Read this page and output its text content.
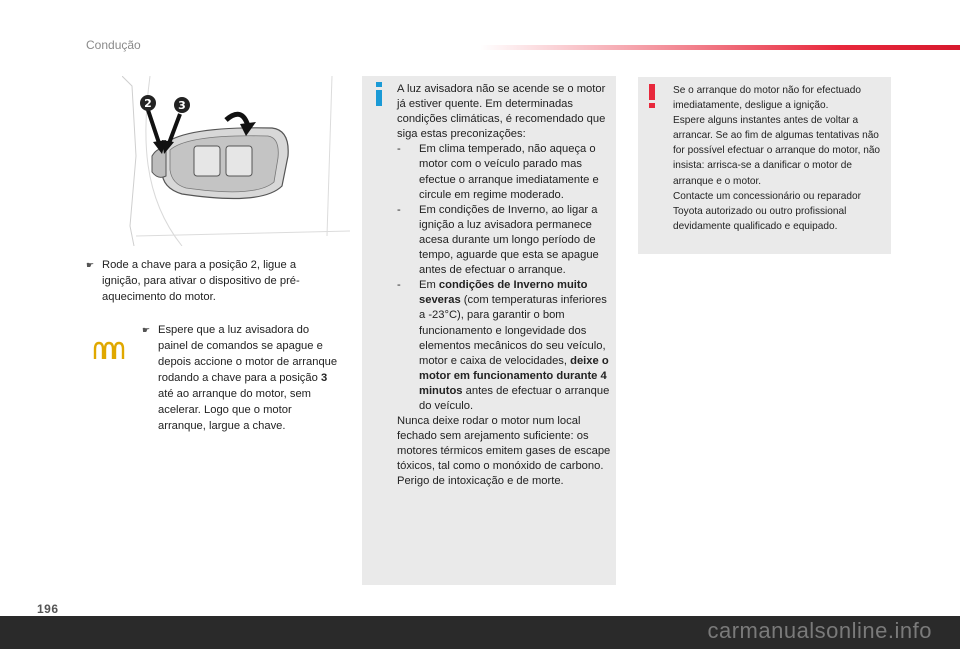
Condução
2 3
☛ Rode a chave para a posição 2, ligue a ignição, para ativar o dispositivo de pré-aquecimento do motor.
☛ Espere que a luz avisadora do painel de comandos se apague e depois accione o motor de arranque rodando a chave para a posição 3 até ao arranque do motor, sem acelerar. Logo que o motor arranque, largue a chave.

A luz avisadora não se acende se o motor já estiver quente. Em determinadas condições climáticas, é recomendado que siga estas preconizações:

- Em clima temperado, não aqueça o motor com o veículo parado mas efectue o arranque imediatamente e circule em regime moderado.

- Em condições de Inverno, ao ligar a ignição a luz avisadora permanece acesa durante um longo período de tempo, aguarde que esta se apague antes de efectuar o arranque.

- Em condições de Inverno muito severas (com temperaturas inferiores a -23°C), para garantir o bom funcionamento e longevidade dos elementos mecânicos do seu veículo, motor e caixa de velocidades, deixe o motor em funcionamento durante 4 minutos antes de efectuar o arranque do veículo.

Nunca deixe rodar o motor num local fechado sem arejamento suficiente: os motores térmicos emitem gases de escape tóxicos, tal como o monóxido de carbono. Perigo de intoxicação e de morte.

Se o arranque do motor não for efectuado imediatamente, desligue a ignição.
Espere alguns instantes antes de voltar a arrancar. Se ao fim de algumas tentativas não for possível efectuar o arranque do motor, não insista: arrisca-se a danificar o motor de arranque e o motor.
Contacte um concessionário ou reparador Toyota autorizado ou outro profissional devidamente qualificado e equipado.
196
carmanualsonline.info
